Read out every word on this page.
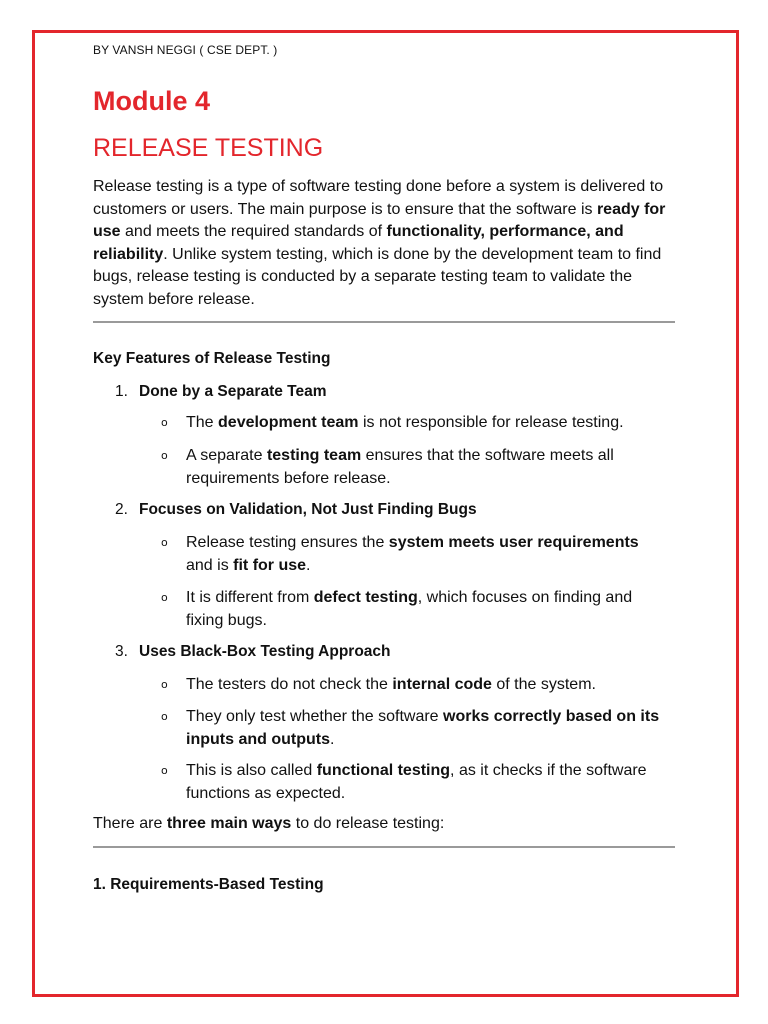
BY VANSH NEGGI ( CSE DEPT. )
Module 4
RELEASE TESTING

Release testing is a type of software testing done before a system is delivered to customers or users. The main purpose is to ensure that the software is ready for use and meets the required standards of functionality, performance, and reliability. Unlike system testing, which is done by the development team to find bugs, release testing is conducted by a separate testing team to validate the system before release.

Key Features of Release Testing
1. Done by a Separate Team
o The development team is not responsible for release testing.
o A separate testing team ensures that the software meets all requirements before release.
2. Focuses on Validation, Not Just Finding Bugs
o Release testing ensures the system meets user requirements and is fit for use.
o It is different from defect testing, which focuses on finding and fixing bugs.
3. Uses Black-Box Testing Approach
o The testers do not check the internal code of the system.
o They only test whether the software works correctly based on its inputs and outputs.
o This is also called functional testing, as it checks if the software functions as expected.

There are three main ways to do release testing:

1. Requirements-Based Testing
